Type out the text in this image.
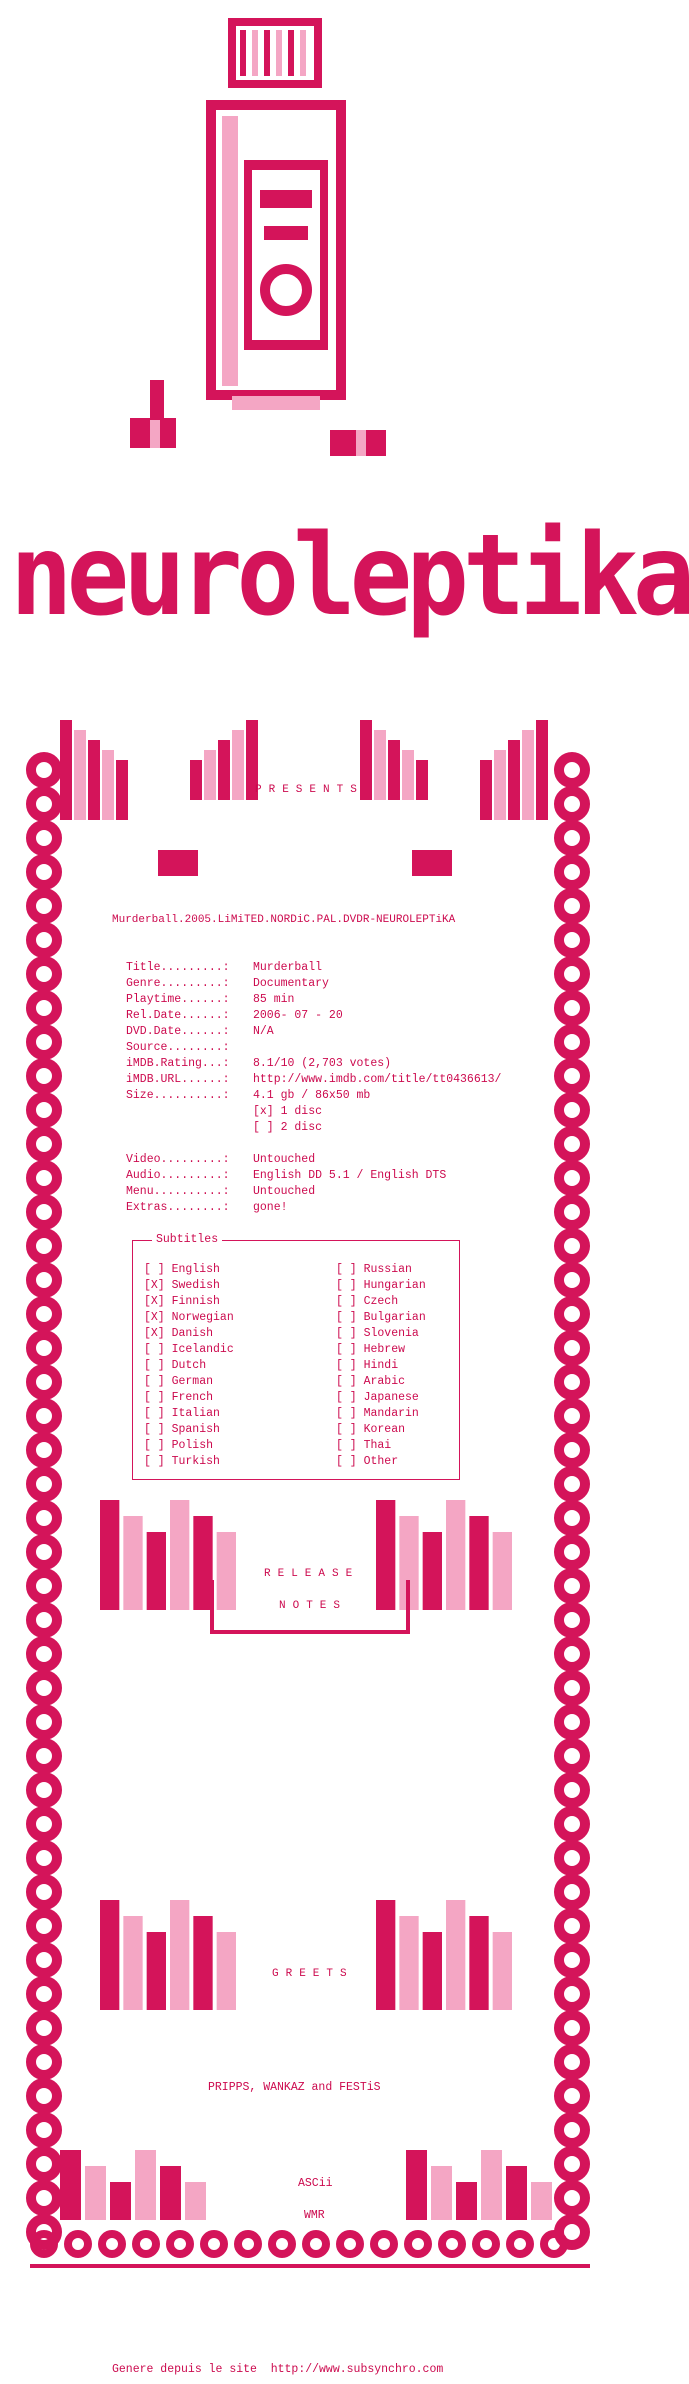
neuroleptika
PRESENTS
Murderball.2005.LiMiTED.NORDiC.PAL.DVDR-NEUROLEPTiKA
Title.........: Murderball
Genre.........: Documentary
Playtime......: 85 min
Rel.Date......: 2006- 07 - 20
DVD.Date......: N/A
Source........:
iMDB.Rating...: 8.1/10 (2,703 votes)
iMDB.URL......: http://www.imdb.com/title/tt0436613/
Size..........: 4.1 gb / 86x50 mb
[x] 1 disc
[ ] 2 disc
Video.........: Untouched
Audio.........: English DD 5.1 / English DTS
Menu..........: Untouched
Extras........: gone!
Subtitles
[ ] English
[X] Swedish
[X] Finnish
[X] Norwegian
[X] Danish
[ ] Icelandic
[ ] Dutch
[ ] German
[ ] French
[ ] Italian
[ ] Spanish
[ ] Polish
[ ] Turkish
[ ] Russian
[ ] Hungarian
[ ] Czech
[ ] Bulgarian
[ ] Slovenia
[ ] Hebrew
[ ] Hindi
[ ] Arabic
[ ] Japanese
[ ] Mandarin
[ ] Korean
[ ] Thai
[ ] Other
RELEASE
NOTES
GREETS
PRIPPS, WANKAZ and FESTiS
ASCii
WMR
Genere depuis le site  http://www.subsynchro.com
